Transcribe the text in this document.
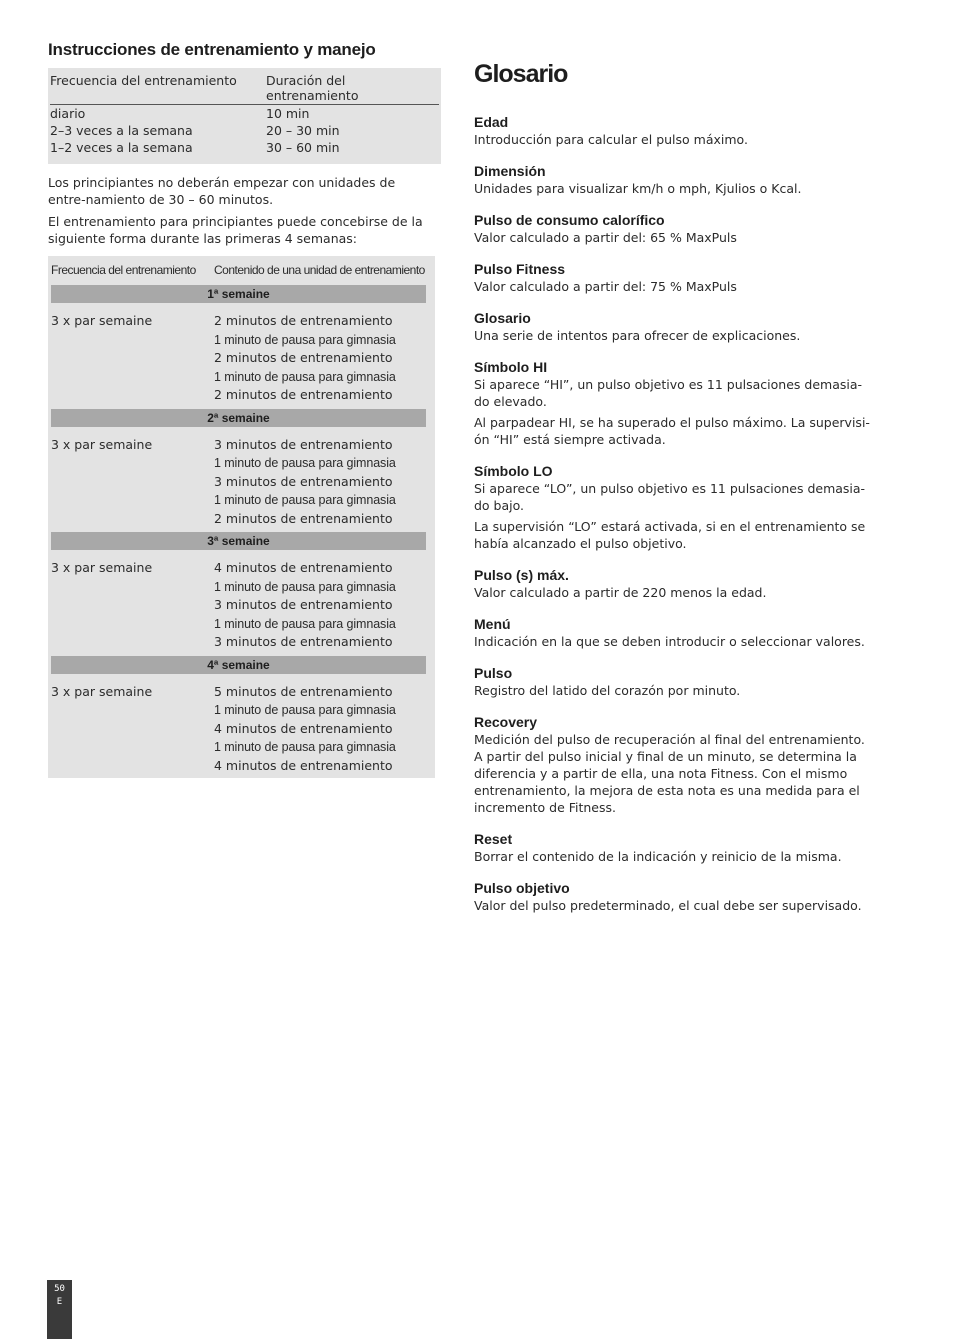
Instrucciones de entrenamiento y manejo
Frecuencia del entrenamiento	Duración del entrenamiento
diario	10 min
2–3 veces a la semana	20 – 30 min
1–2 veces a la semana	30 – 60 min

Los principiantes no deberán empezar con unidades de entre-namiento de 30 – 60 minutos.

El entrenamiento para principiantes puede concebirse de la siguiente forma durante las primeras 4 semanas:

Frecuencia del entrenamiento	Contenido de una unidad de entrenamiento
1ª semaine
3 x par semaine	2 minutos de entrenamiento
1 minuto de pausa para gimnasia
2 minutos de entrenamiento
1 minuto de pausa para gimnasia
2 minutos de entrenamiento
2ª semaine
3 x par semaine	3 minutos de entrenamiento
1 minuto de pausa para gimnasia
3 minutos de entrenamiento
1 minuto de pausa para gimnasia
2 minutos de entrenamiento
3ª semaine
3 x par semaine	4 minutos de entrenamiento
1 minuto de pausa para gimnasia
3 minutos de entrenamiento
1 minuto de pausa para gimnasia
3 minutos de entrenamiento
4ª semaine
3 x par semaine	5 minutos de entrenamiento
1 minuto de pausa para gimnasia
4 minutos de entrenamiento
1 minuto de pausa para gimnasia
4 minutos de entrenamiento
Glosario
Edad

Introducción para calcular el pulso máximo.

Dimensión

Unidades para visualizar km/h o mph, Kjulios o Kcal.

Pulso de consumo calorífico

Valor calculado a partir del: 65 % MaxPuls

Pulso Fitness

Valor calculado a partir del: 75 % MaxPuls

Glosario

Una serie de intentos para ofrecer de explicaciones.

Símbolo HI

Si aparece “HI”, un pulso objetivo es 11 pulsaciones demasia-do elevado.

Al parpadear HI, se ha superado el pulso máximo. La supervisi-ón “HI” está siempre activada.

Símbolo LO

Si aparece “LO”, un pulso objetivo es 11 pulsaciones demasia-do bajo.

La supervisión “LO” estará activada, si en el entrenamiento se había alcanzado el pulso objetivo.

Pulso (s) máx.

Valor calculado a partir de 220 menos la edad.

Menú

Indicación en la que se deben introducir o seleccionar valores.

Pulso

Registro del latido del corazón por minuto.

Recovery

Medición del pulso de recuperación al final del entrenamiento. A partir del pulso inicial y final de un minuto, se determina la diferencia y a partir de ella, una nota Fitness. Con el mismo entrenamiento, la mejora de esta nota es una medida para el incremento de Fitness.

Reset

Borrar el contenido de la indicación y reinicio de la misma.

Pulso objetivo

Valor del pulso predeterminado, el cual debe ser supervisado.

50
E
